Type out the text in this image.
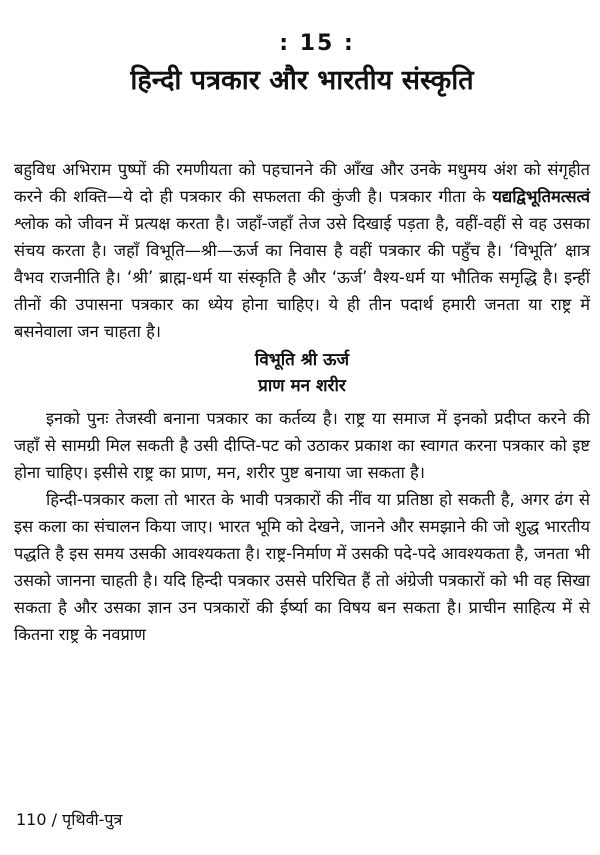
: 15 :
हिन्दी पत्रकार और भारतीय संस्कृति

बहुविध अभिराम पुष्पों की रमणीयता को पहचानने की आँख और उनके मधुमय अंश को संगृहीत करने की शक्ति—ये दो ही पत्रकार की सफलता की कुंजी है। पत्रकार गीता के यद्यद्विभूतिमत्सत्वं श्लोक को जीवन में प्रत्यक्ष करता है। जहाँ-जहाँ तेज उसे दिखाई पड़ता है, वहीं-वहीं से वह उसका संचय करता है। जहाँ विभूति—श्री—ऊर्ज का निवास है वहीं पत्रकार की पहुँच है। ‘विभूति’ क्षात्र वैभव राजनीति है। ‘श्री’ ब्राह्म-धर्म या संस्कृति है और ‘ऊर्ज’ वैश्य-धर्म या भौतिक समृद्धि है। इन्हीं तीनों की उपासना पत्रकार का ध्येय होना चाहिए। ये ही तीन पदार्थ हमारी जनता या राष्ट्र में बसनेवाला जन चाहता है।

विभूति श्री ऊर्ज
प्राण मन शरीर

इनको पुनः तेजस्वी बनाना पत्रकार का कर्तव्य है। राष्ट्र या समाज में इनको प्रदीप्त करने की जहाँ से सामग्री मिल सकती है उसी दीप्ति-पट को उठाकर प्रकाश का स्वागत करना पत्रकार को इष्ट होना चाहिए। इसीसे राष्ट्र का प्राण, मन, शरीर पुष्ट बनाया जा सकता है।

हिन्दी-पत्रकार कला तो भारत के भावी पत्रकारों की नींव या प्रतिष्ठा हो सकती है, अगर ढंग से इस कला का संचालन किया जाए। भारत भूमि को देखने, जानने और समझाने की जो शुद्ध भारतीय पद्धति है इस समय उसकी आवश्यकता है। राष्ट्र-निर्माण में उसकी पदे-पदे आवश्यकता है, जनता भी उसको जानना चाहती है। यदि हिन्दी पत्रकार उससे परिचित हैं तो अंग्रेजी पत्रकारों को भी वह सिखा सकता है और उसका ज्ञान उन पत्रकारों की ईर्ष्या का विषय बन सकता है। प्राचीन साहित्य में से कितना राष्ट्र के नवप्राण

110 / पृथिवी-पुत्र
